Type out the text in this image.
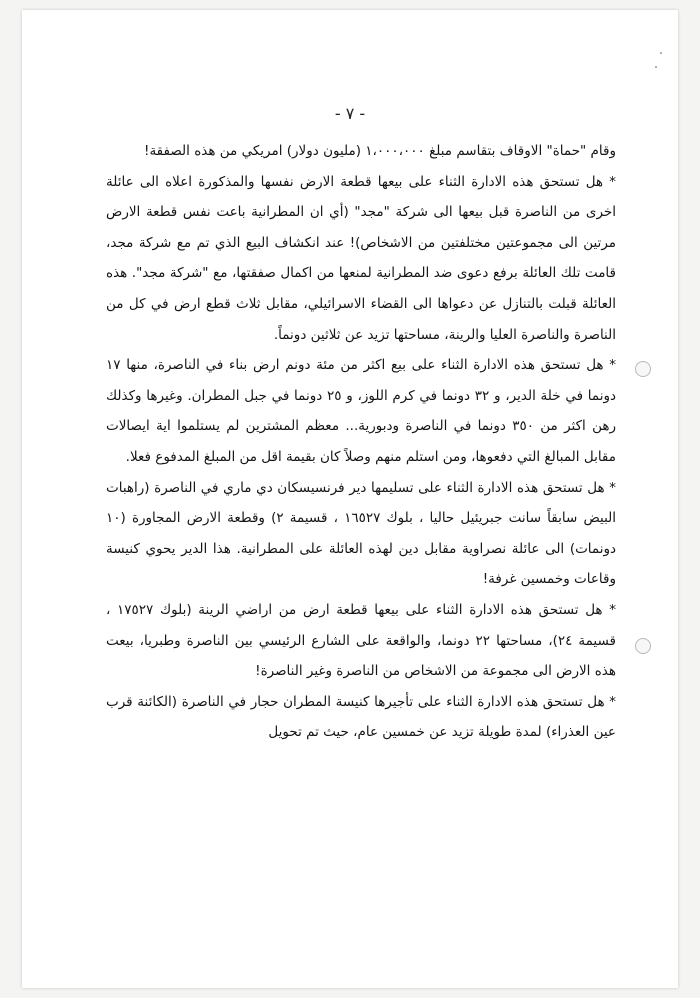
- ٧ -

وقام "حماة" الاوقاف بتقاسم مبلغ ١،٠٠٠،٠٠٠ (مليون دولار) امريكي من هذه الصفقة!

* هل تستحق هذه الادارة الثناء على بيعها قطعة الارض نفسها والمذكورة اعلاه الى عائلة اخرى من الناصرة قبل بيعها الى شركة "مجد" (أي ان المطرانية باعت نفس قطعة الارض مرتين الى مجموعتين مختلفتين من الاشخاص)! عند انكشاف البيع الذي تم مع شركة مجد، قامت تلك العائلة برفع دعوى ضد المطرانية لمنعها من اكمال صفقتها، مع "شركة مجد". هذه العائلة قبلت بالتنازل عن دعواها الى القضاء الاسرائيلي، مقابل ثلاث قطع ارض في كل من الناصرة والناصرة العليا والرينة، مساحتها تزيد عن ثلاثين دونماً.

* هل تستحق هذه الادارة الثناء على بيع اكثر من مئة دونم ارض بناء في الناصرة، منها ١٧ دونما في خلة الدير، و ٣٢ دونما في كرم اللوز، و ٢٥ دونما في جبل المطران. وغيرها وكذلك رهن اكثر من ٣٥٠ دونما في الناصرة ودبورية... معظم المشترين لم يستلموا اية ايصالات مقابل المبالغ التي دفعوها، ومن استلم منهم وصلاً كان بقيمة اقل من المبلغ المدفوع فعلا.

* هل تستحق هذه الادارة الثناء على تسليمها دير فرنسيسكان دي ماري في الناصرة (راهبات البيض سابقاً سانت جبريئيل حاليا ، بلوك ١٦٥٢٧ ، قسيمة ٢) وقطعة الارض المجاورة (١٠ دونمات) الى عائلة نصراوية مقابل دين لهذه العائلة على المطرانية. هذا الدير يحوي كنيسة وقاعات وخمسين غرفة!

* هل تستحق هذه الادارة الثناء على بيعها قطعة ارض من اراضي الرينة (بلوك ١٧٥٢٧ ، قسيمة ٢٤)، مساحتها ٢٢ دونما، والواقعة على الشارع الرئيسي بين الناصرة وطبريا، بيعت هذه الارض الى مجموعة من الاشخاص من الناصرة وغير الناصرة!

* هل تستحق هذه الادارة الثناء على تأجيرها كنيسة المطران حجار في الناصرة (الكائنة قرب عين العذراء) لمدة طويلة تزيد عن خمسين عام، حيث تم تحويل
